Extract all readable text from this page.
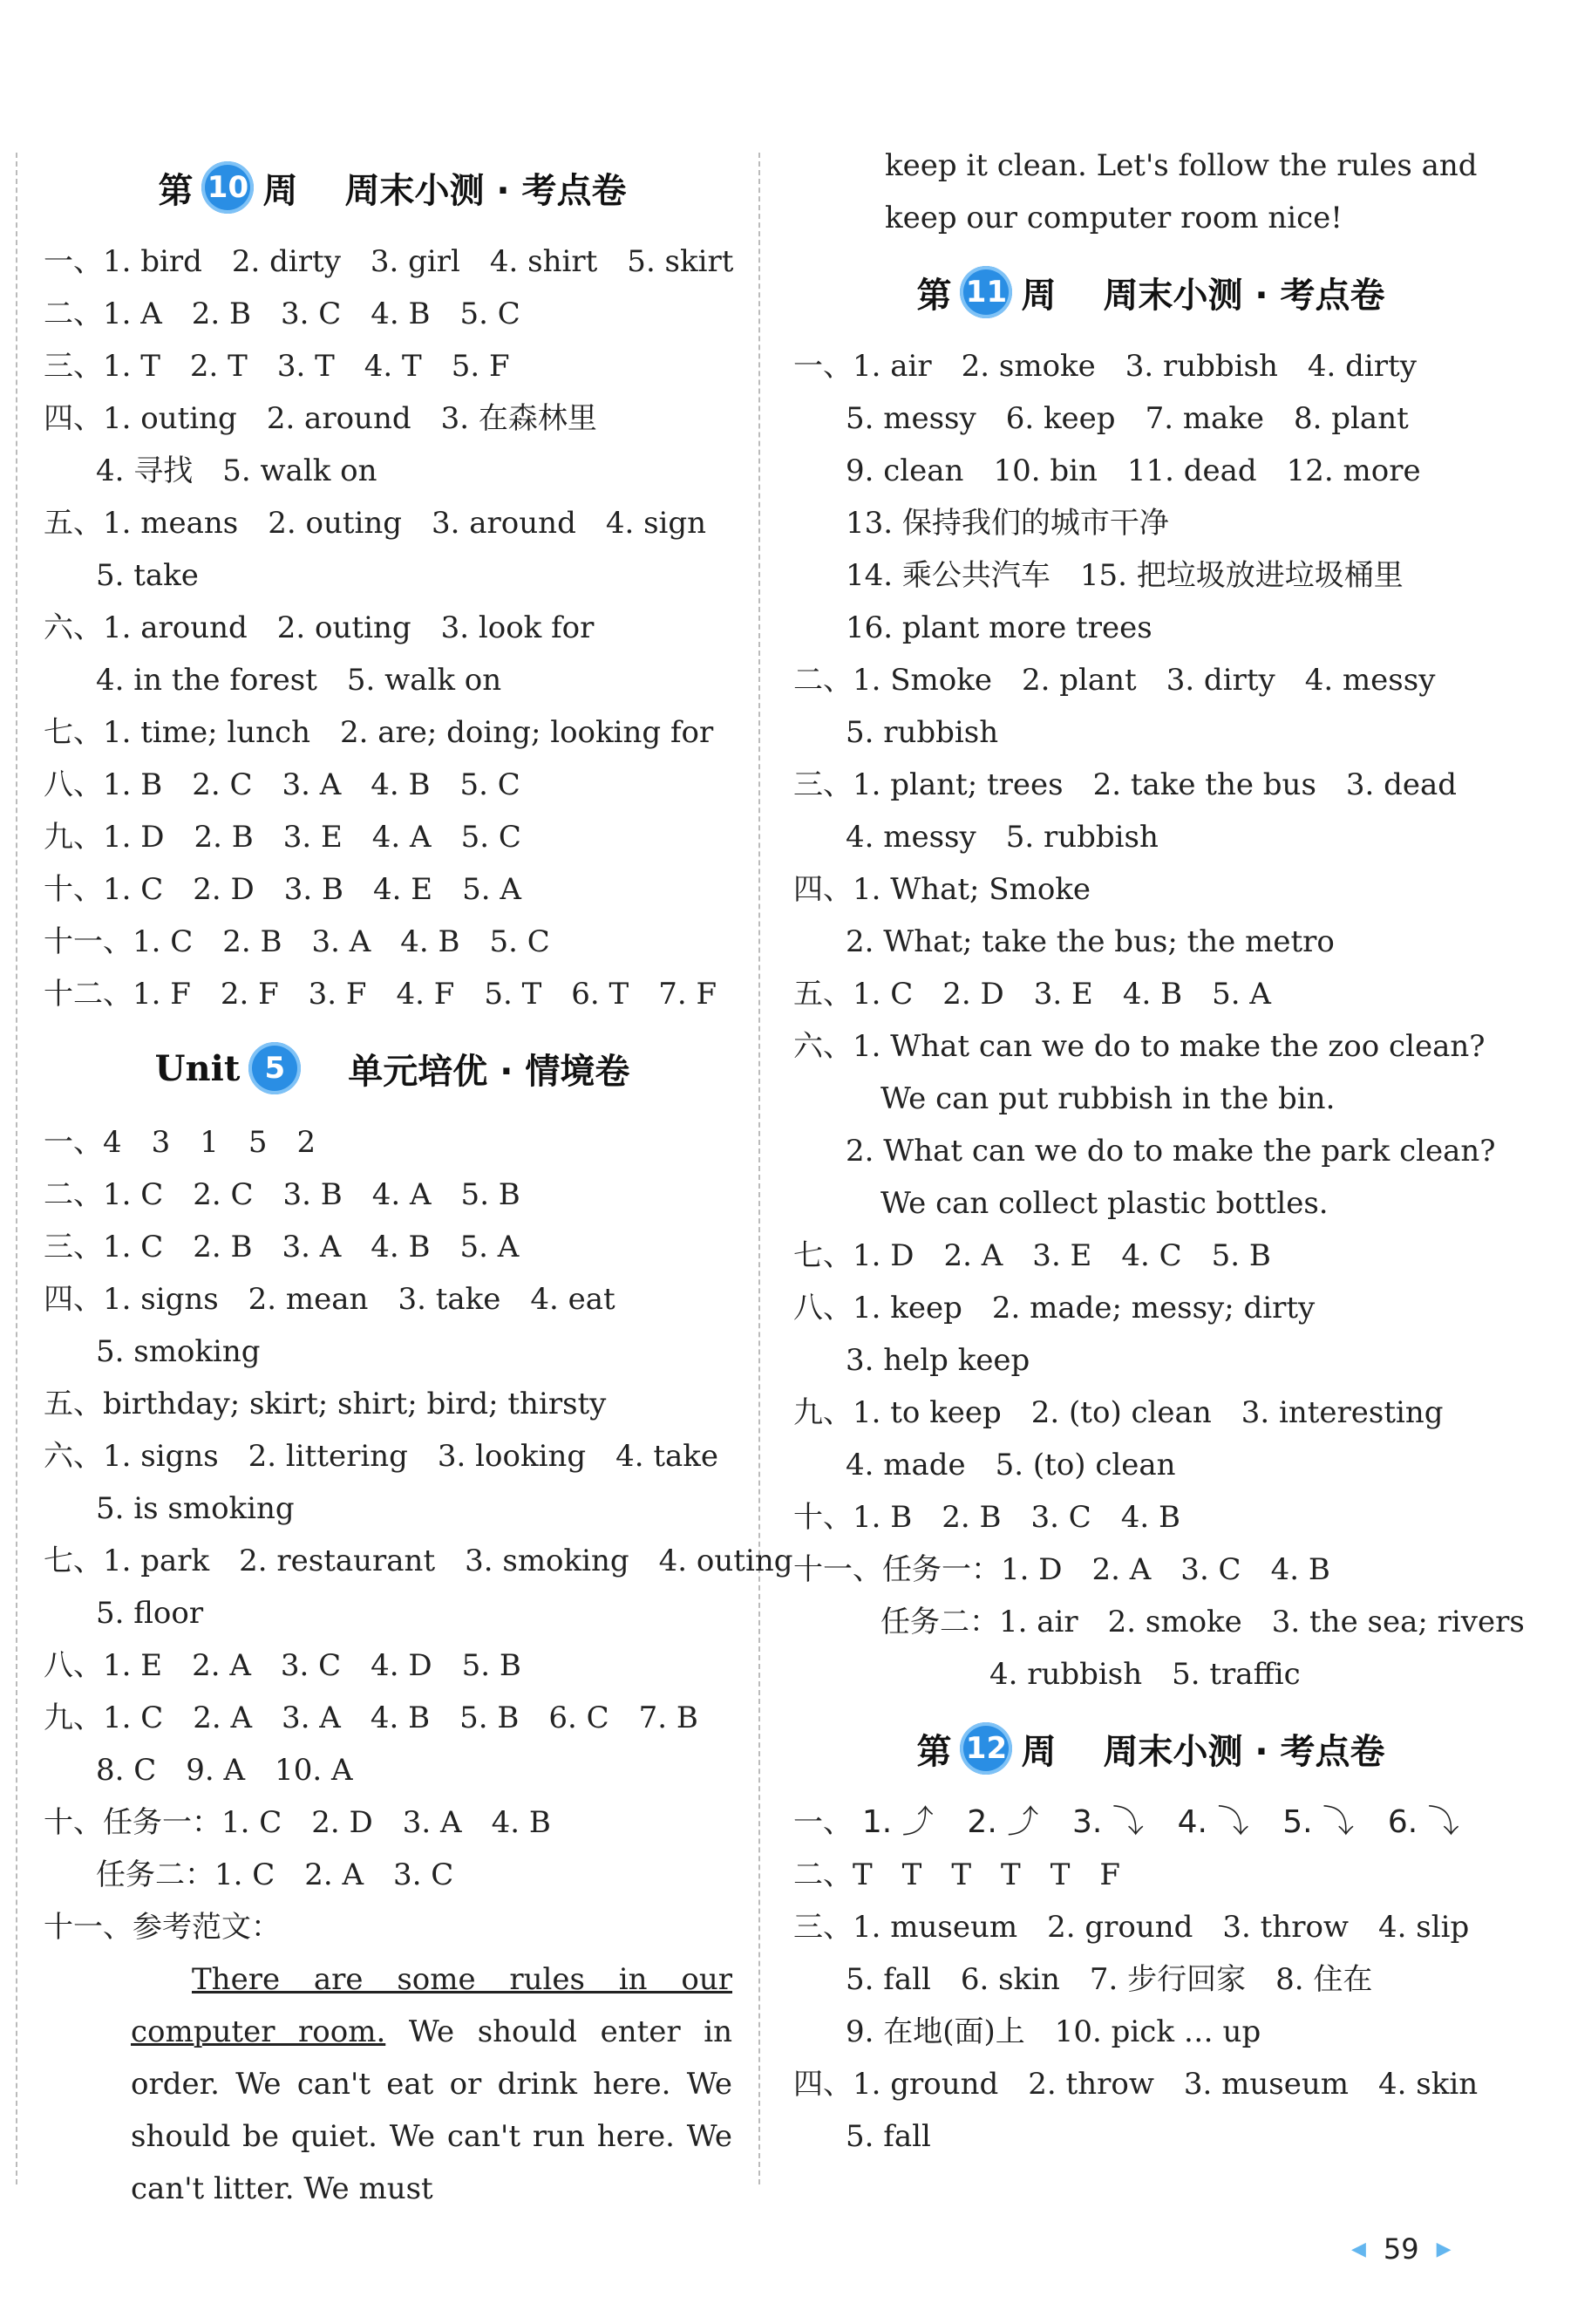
第 10 周 周末小测 · 考点卷
一、1. bird　2. dirty　3. girl　4. shirt　5. skirt
二、1. A　2. B　3. C　4. B　5. C
三、1. T　2. T　3. T　4. T　5. F
四、1. outing　2. around　3. 在森林里
4. 寻找　5. walk on
五、1. means　2. outing　3. around　4. sign
5. take
六、1. around　2. outing　3. look for
4. in the forest　5. walk on
七、1. time; lunch　2. are; doing; looking for
八、1. B　2. C　3. A　4. B　5. C
九、1. D　2. B　3. E　4. A　5. C
十、1. C　2. D　3. B　4. E　5. A
十一、1. C　2. B　3. A　4. B　5. C
十二、1. F　2. F　3. F　4. F　5. T　6. T　7. F
Unit 5	单元培优 · 情境卷
一、4　3　1　5　2
二、1. C　2. C　3. B　4. A　5. B
三、1. C　2. B　3. A　4. B　5. A
四、1. signs　2. mean　3. take　4. eat
5. smoking
五、birthday; skirt; shirt; bird; thirsty
六、1. signs　2. littering　3. looking　4. take
5. is smoking
七、1. park　2. restaurant　3. smoking　4. outing
5. floor
八、1. E　2. A　3. C　4. D　5. B
九、1. C　2. A　3. A　4. B　5. B　6. C　7. B
8. C　9. A　10. A
十、任务一：1. C　2. D　3. A　4. B
任务二：1. C　2. A　3. C
十一、参考范文：
There are some rules in our computer room. We should enter in order. We can't eat or drink here. We should be quiet. We can't run here. We can't litter. We must
keep it clean. Let's follow the rules and
keep our computer room nice!
第 11 周 周末小测 · 考点卷
一、1. air　2. smoke　3. rubbish　4. dirty
5. messy　6. keep　7. make　8. plant
9. clean　10. bin　11. dead　12. more
13. 保持我们的城市干净
14. 乘公共汽车　15. 把垃圾放进垃圾桶里
16. plant more trees
二、1. Smoke　2. plant　3. dirty　4. messy
5. rubbish
三、1. plant; trees　2. take the bus　3. dead
4. messy　5. rubbish
四、1. What; Smoke
2. What; take the bus; the metro
五、1. C　2. D　3. E　4. B　5. A
六、1. What can we do to make the zoo clean?
We can put rubbish in the bin.
2. What can we do to make the park clean?
We can collect plastic bottles.
七、1. D　2. A　3. E　4. C　5. B
八、1. keep　2. made; messy; dirty
3. help keep
九、1. to keep　2. (to) clean　3. interesting
4. made　5. (to) clean
十、1. B　2. B　3. C　4. B
十一、任务一：1. D　2. A　3. C　4. B
任务二：1. air　2. smoke　3. the sea; rivers
4. rubbish　5. traffic
第 12 周 周末小测 · 考点卷
一、 1. ⤴ 2. ⤴ 3. ⤵ 4. ⤵ 5. ⤵ 6. ⤵
二、T　T　T　T　T　F
三、1. museum　2. ground　3. throw　4. slip
5. fall　6. skin　7. 步行回家　8. 住在
9. 在地(面)上　10. pick … up
四、1. ground　2. throw　3. museum　4. skin
5. fall
◀ 59 ▶
